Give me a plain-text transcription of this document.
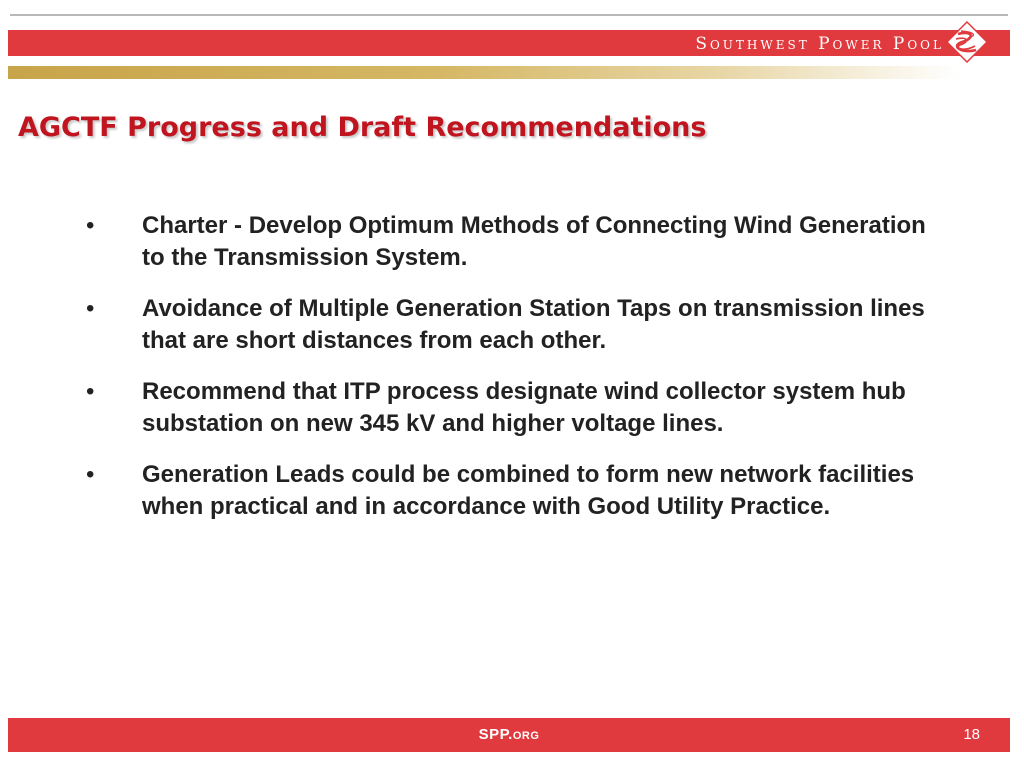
Southwest Power Pool
AGCTF Progress and Draft Recommendations
• Charter - Develop Optimum Methods of Connecting Wind Generation to the Transmission System.
• Avoidance of Multiple Generation Station Taps on transmission lines that are short distances from each other.
• Recommend that ITP process designate wind collector system hub substation on new 345 kV and higher voltage lines.
• Generation Leads could be combined to form new network facilities when practical and in accordance with Good Utility Practice.
SPP.org	18
